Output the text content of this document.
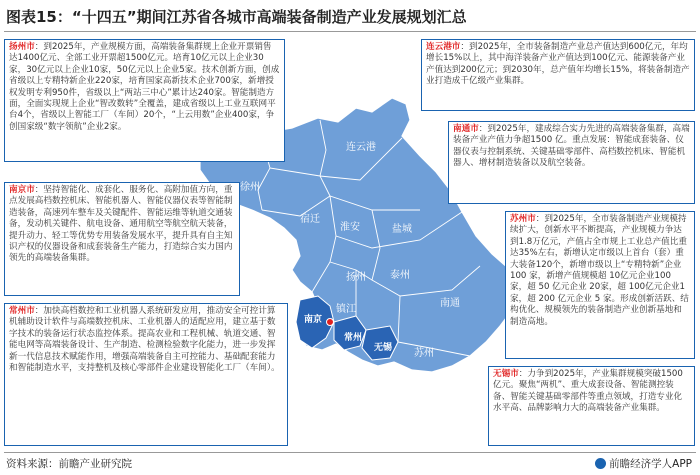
图表15：“十四五”期间江苏省各城市高端装备制造产业发展规划汇总
徐州
连云港
宿迁
淮安	盐城
扬州 泰州
南通
镇江
南京
常州
无锡 苏州
扬州市：到2025年，产业规模方面，高端装备集群规上企业开票销售达1400亿元、全部工业开票超1500亿元。培育10亿元以上企业30家，30亿元以上企业10家，50亿元以上企业5家。技术创新方面，创成省级以上专精特新企业220家，培育国家高新技术企业700家，新增授权发明专利950件，省级以上“两站三中心”累计达240家。智能制造方面，全面实现规上企业“智改数转”全覆盖，建成省级以上工业互联网平台4个，省级以上智能工厂（车间）20个，“上云用数”企业400家，争创国家级“数字领航”企业2家。
连云港市：到2025年，全市装备制造产业总产值达到600亿元，年均增长15%以上，其中海洋装备产业产值达到100亿元、能源装备产业产值达到200亿元；到2030年，总产值年均增长15%，将装备制造产业打造成千亿级产业集群。
南通市：到2025年，建成综合实力先进的高端装备集群，高端装备产业产值力争超1500 亿。重点发展：智能成套装备、仪器仪表与控制系统、关键基础零部件、高档数控机床、智能机器人、增材制造装备以及航空装备。
南京市：坚持智能化、成套化、服务化、高附加值方向，重点发展高档数控机床、智能机器人、智能仪器仪表等智能制造装备，高速列车整车及关键配件、智能运维等轨道交通装备，发动机关键件、航电设备、通用航空等航空航天装备，提升动力、轻工等优势专用装备发展水平，提升具有自主知识产权的仪器设备和成套装备生产能力，打造综合实力国内领先的高端装备集群。
苏州市：到2025年，全市装备制造产业规模持续扩大，创新水平不断提高，产业规模力争达到1.8万亿元，产值占全市规上工业总产值比重达35%左右，新增认定市级以上首台（套）重大装备120个，新增市级以上“专精特新”企业100 家，新增产值规模超 10亿元企业100 家，超 50 亿元企业 20家，超 100亿元企业1 家，超 200 亿元企业 5 家。形成创新活跃、结构优化、规模领先的装备制造产业创新基地和制造高地。
常州市：加快高档数控和工业机器人系统研发应用，推动安全可控计算机辅助设计软件与高端数控机床、工业机器人的适配应用，建立基于数字技术的装备运行状态监控体系。提高农业和工程机械、轨道交通、智能电网等高端装备设计、生产制造、检测检验数字化能力，进一步发挥新一代信息技术赋能作用，增强高端装备自主可控能力、基础配套能力和智能制造水平，支持整机及核心零部件企业建设智能化工厂（车间）。
无锡市：力争到2025年，产业集群规模突破1500亿元。聚焦“两机”、重大成套设备、智能测控装备、智能关键基础零部件等重点领域，打造专业化水平高、品牌影响力大的高端装备产业集群。
资料来源：前瞻产业研究院	前瞻经济学人APP
